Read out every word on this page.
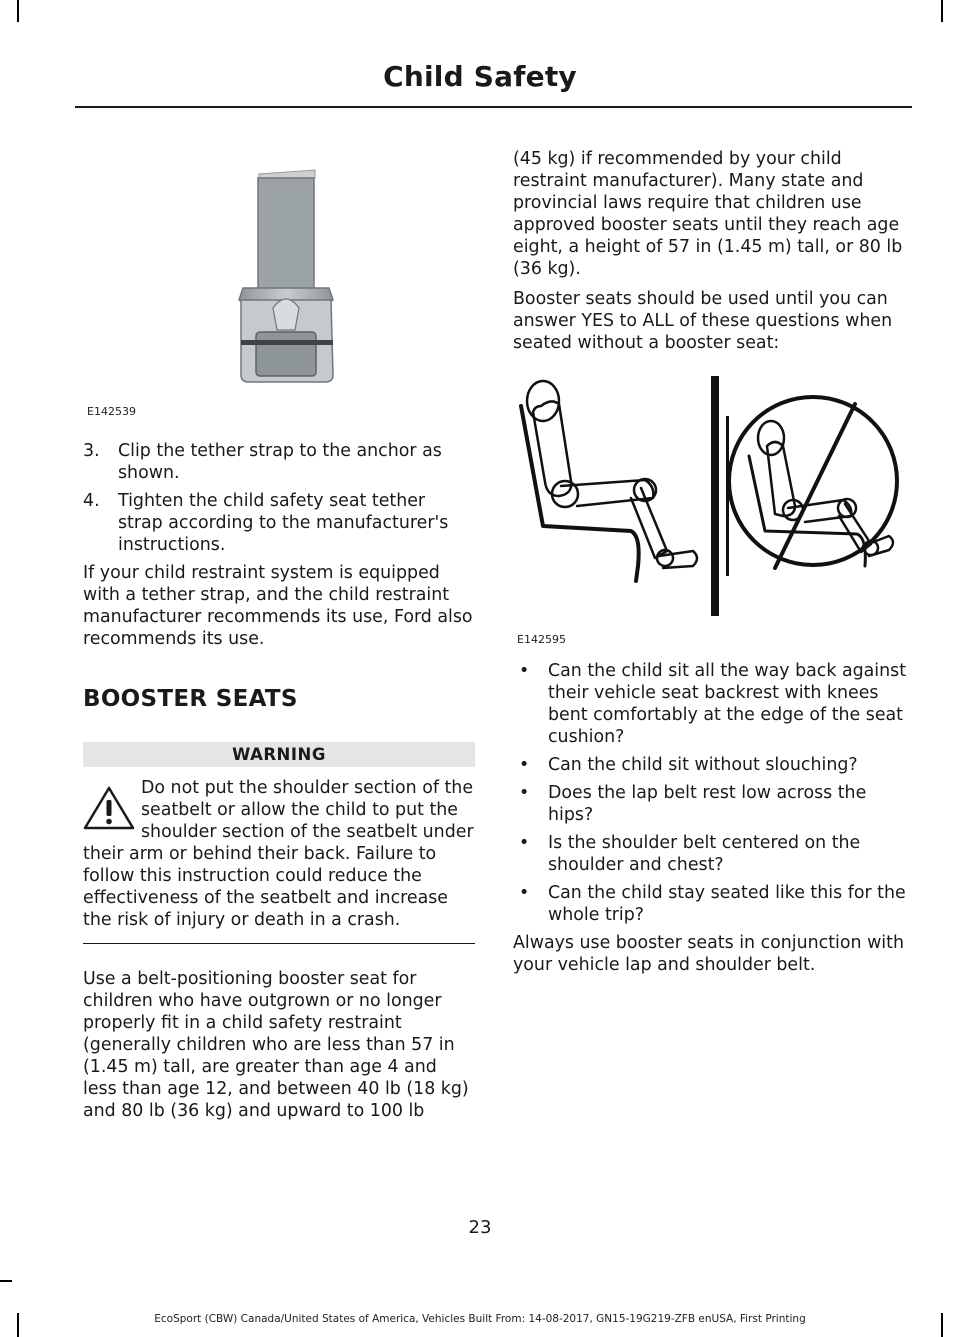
Child Safety
E142539
3. Clip the tether strap to the anchor as shown.
4. Tighten the child safety seat tether strap according to the manufacturer's instructions.

If your child restraint system is equipped with a tether strap, and the child restraint manufacturer recommends its use, Ford also recommends its use.

BOOSTER SEATS
WARNING
Do not put the shoulder section of the seatbelt or allow the child to put the shoulder section of the seatbelt under their arm or behind their back. Failure to follow this instruction could reduce the effectiveness of the seatbelt and increase the risk of injury or death in a crash.

Use a belt-positioning booster seat for children who have outgrown or no longer properly fit in a child safety restraint (generally children who are less than 57 in (1.45 m) tall, are greater than age 4 and less than age 12, and between 40 lb (18 kg) and 80 lb (36 kg) and upward to 100 lb

(45 kg) if recommended by your child restraint manufacturer). Many state and provincial laws require that children use approved booster seats until they reach age eight, a height of 57 in (1.45 m) tall, or 80 lb (36 kg).

Booster seats should be used until you can answer YES to ALL of these questions when seated without a booster seat:

E142595
• Can the child sit all the way back against their vehicle seat backrest with knees bent comfortably at the edge of the seat cushion?
• Can the child sit without slouching?
• Does the lap belt rest low across the hips?
• Is the shoulder belt centered on the shoulder and chest?
• Can the child stay seated like this for the whole trip?

Always use booster seats in conjunction with your vehicle lap and shoulder belt.

23
EcoSport (CBW) Canada/United States of America, Vehicles Built From: 14-08-2017, GN15-19G219-ZFB enUSA, First Printing
